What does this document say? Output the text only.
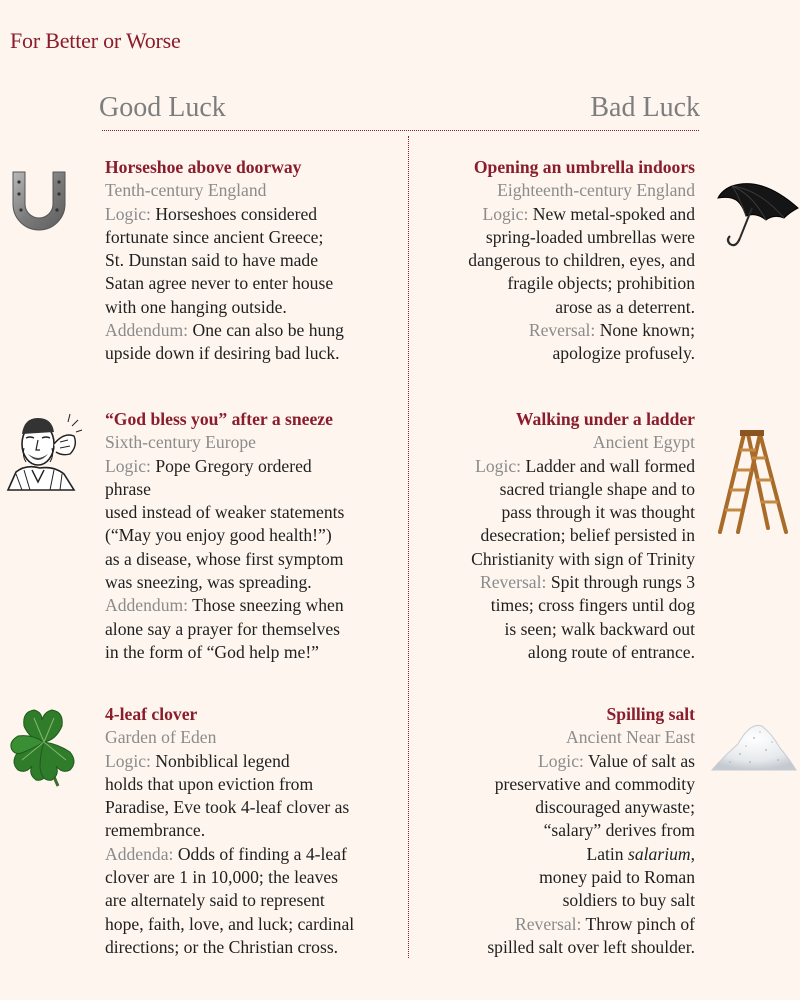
For Better or Worse
Good Luck	Bad Luck
Horseshoe above doorway
Tenth-century England
Logic: Horseshoes considered
fortunate since ancient Greece;
St. Dunstan said to have made
Satan agree never to enter house
with one hanging outside.
Addendum: One can also be hung
upside down if desiring bad luck.
“God bless you” after a sneeze
Sixth-century Europe
Logic: Pope Gregory ordered
phrase
used instead of weaker statements
(“May you enjoy good health!”)
as a disease, whose first symptom
was sneezing, was spreading.
Addendum: Those sneezing when
alone say a prayer for themselves
in the form of “God help me!”
4-leaf clover
Garden of Eden
Logic: Nonbiblical legend
holds that upon eviction from
Paradise, Eve took 4-leaf clover as
remembrance.
Addenda: Odds of finding a 4-leaf
clover are 1 in 10,000; the leaves
are alternately said to represent
hope, faith, love, and luck; cardinal
directions; or the Christian cross.
Opening an umbrella indoors
Eighteenth-century England
Logic: New metal-spoked and
spring-loaded umbrellas were
dangerous to children, eyes, and
fragile objects; prohibition
arose as a deterrent.
Reversal: None known;
apologize profusely.
Walking under a ladder
Ancient Egypt
Logic: Ladder and wall formed
sacred triangle shape and to
pass through it was thought
desecration; belief persisted in
Christianity with sign of Trinity
Reversal: Spit through rungs 3
times; cross fingers until dog
is seen; walk backward out
along route of entrance.
Spilling salt
Ancient Near East
Logic: Value of salt as
preservative and commodity
discouraged anywaste;
“salary” derives from
Latin salarium,
money paid to Roman
soldiers to buy salt
Reversal: Throw pinch of
spilled salt over left shoulder.
